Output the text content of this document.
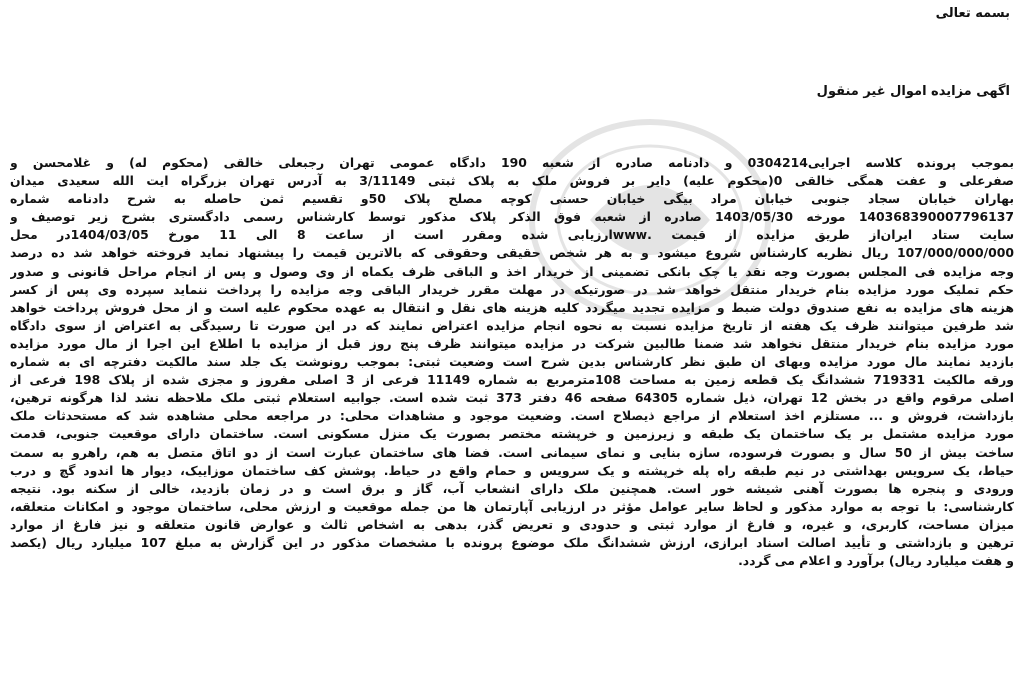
بسمه تعالی
اگهی مزایده اموال غیر منقول
بموجب پرونده کلاسه اجرایی0304214 و دادنامه صادره از شعبه 190 دادگاه عمومی تهران رجبعلی خالقی (محکوم له) و غلامحسن و
صفرعلی و عفت همگی خالقی 0(محکوم علیه) دایر بر فروش ملک به پلاک ثبتی 3/11149 به آدرس تهران بزرگراه ایت الله سعیدی میدان
بهاران خیابان سجاد جنوبی خیابان مراد بیگی خیابان حسنی کوچه مصلح پلاک 50و تقسیم ثمن حاصله به شرح دادنامه شماره
140368390007796137 مورخه 1403/05/30 صادره از شعبه فوق الذکر پلاک مذکور توسط کارشناس رسمی دادگستری بشرح زیر توصیف و
سایت ستاد ایران‌از طریق مزایده از قیمت .wwwارزیابی شده ومقرر است از ساعت 8 الی 11 مورخ 1404/03/05در محل
107/000/000/000 ریال نظریه کارشناس شروع میشود و به هر شخص حقیقی وحقوقی که بالاترین قیمت را پیشنهاد نماید فروخته خواهد شد ده درصد
وجه مزایده فی المجلس بصورت وجه نقد یا چک بانکی تضمینی از خریدار اخذ و الباقی ظرف یکماه از وی وصول و پس از انجام مراحل قانونی و صدور
حکم تملیک مورد مزایده بنام خریدار منتقل خواهد شد در صورتیکه در مهلت مقرر خریدار الباقی وجه مزایده را پرداخت ننماید سپرده وی پس از کسر
هزینه های مزایده به نفع صندوق دولت ضبط و مزایده تجدید میگردد کلیه هزینه های نقل و انتقال به عهده محکوم علیه است و از محل فروش پرداخت خواهد
شد طرفین میتوانند ظرف یک هفته از تاریخ مزایده نسبت به نحوه انجام مزایده اعتراض نمایند که در این صورت تا رسیدگی به اعتراض از سوی دادگاه
مورد مزایده بنام خریدار منتقل نخواهد شد ضمنا طالبین شرکت در مزایده میتوانند ظرف پنج روز قبل از مزایده با اطلاع این اجرا از مال مورد مزایده
بازدید نمایند مال مورد مزایده وبهای ان طبق نظر کارشناس بدین شرح است وضعیت ثبتی: بموجب رونوشت یک جلد سند مالکیت دفترچه ای به شماره
ورقه مالکیت 719331 ششدانگ یک قطعه زمین به مساحت 108مترمربع به شماره 11149 فرعی از 3 اصلی مفروز و مجزی شده از پلاک 198 فرعی از
اصلی مرقوم واقع در بخش 12 تهران، ذیل شماره 64305 صفحه 46 دفتر 373 ثبت شده است. جوابیه استعلام ثبتی ملک ملاحظه نشد لذا هرگونه ترهین،
بازداشت، فروش و ... مستلزم اخذ استعلام از مراجع ذیصلاح است. وضعیت موجود و مشاهدات محلی: در مراجعه محلی مشاهده شد که مستحدثات ملک
مورد مزایده مشتمل بر یک ساختمان یک طبقه و زیرزمین و خرپشته مختصر بصورت یک منزل مسکونی است. ساختمان دارای موقعیت جنوبی، قدمت
ساخت بیش از 50 سال و بصورت فرسوده، سازه بنایی و نمای سیمانی است. فضا های ساختمان عبارت است از دو اتاق متصل به هم، راهرو به سمت
حیاط، یک سرویس بهداشتی در نیم طبقه راه پله خرپشته و یک سرویس و حمام واقع در حیاط. پوشش کف ساختمان موزاییک، دیوار ها اندود گچ و درب
ورودی و پنجره ها بصورت آهنی شیشه خور است. همچنین ملک دارای انشعاب آب، گاز و برق است و در زمان بازدید، خالی از سکنه بود. نتیجه
کارشناسی: با توجه به موارد مذکور و لحاظ سایر عوامل مؤثر در ارزیابی آپارتمان ها من جمله موقعیت و ارزش محلی، ساختمان موجود و امکانات متعلقه،
میزان مساحت، کاربری، و غیره، و فارغ از موارد ثبتی و حدودی و تعریض گذر، بدهی به اشخاص ثالث و عوارض قانون متعلقه و نیز فارغ از موارد
ترهین و بازداشتی و تأیید اصالت اسناد ابرازی، ارزش ششدانگ ملک موضوع پرونده با مشخصات مذکور در این گزارش به مبلغ 107 میلیارد ریال (یکصد
و هفت میلیارد ریال) برآورد و اعلام می گردد.
